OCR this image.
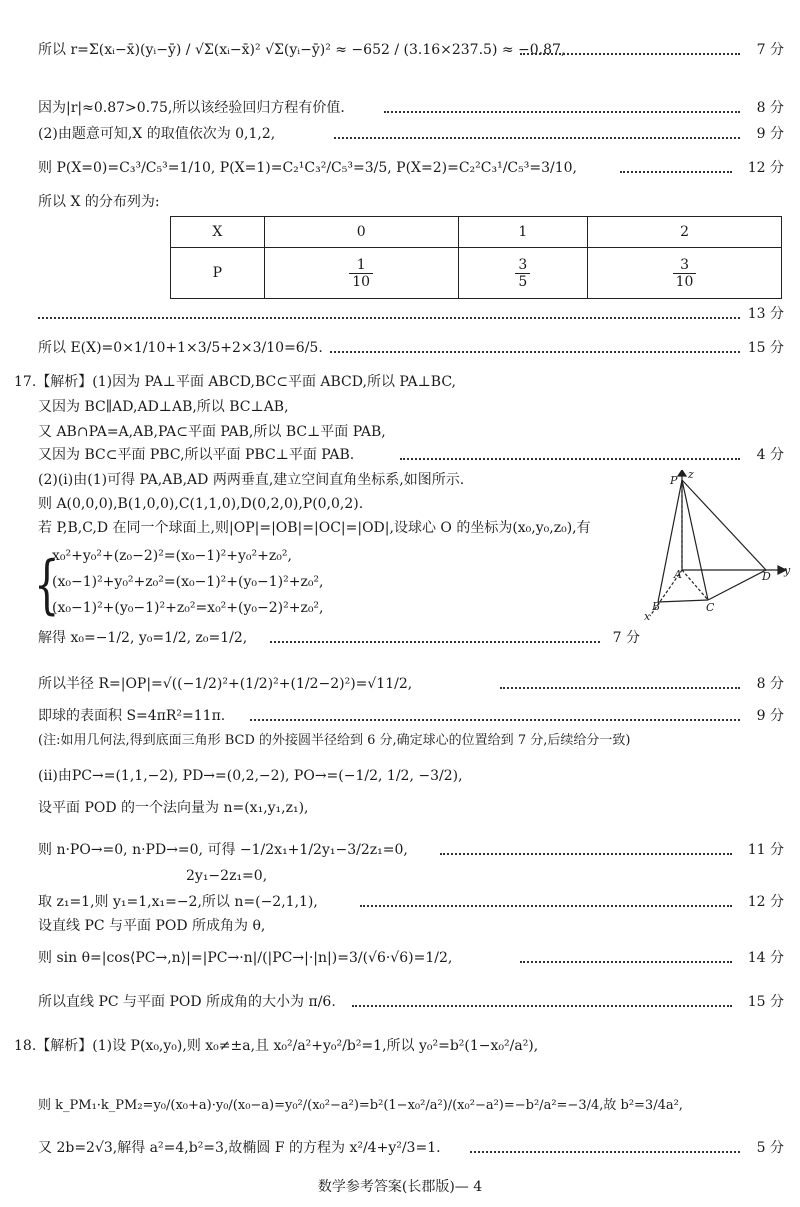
所以 r=Σ(xᵢ−x̄)(yᵢ−ȳ) / √Σ(xᵢ−x̄)² √Σ(yᵢ−ȳ)² ≈ −652 / (3.16×237.5) ≈ −0.87,	7 分
因为|r|≈0.87>0.75,所以该经验回归方程有价值.	8 分
(2)由题意可知,X 的取值依次为 0,1,2,	9 分
则 P(X=0)=C₃³/C₅³=1/10, P(X=1)=C₂¹C₃²/C₅³=3/5, P(X=2)=C₂²C₃¹/C₅³=3/10,	12 分
所以 X 的分布列为:
X	0	1	2
P	$\frac{1}{10}$	$\frac{3}{5}$	$\frac{3}{10}$
13 分
所以 E(X)=0×1/10+1×3/5+2×3/10=6/5.	15 分
17.【解析】(1)因为 PA⊥平面 ABCD,BC⊂平面 ABCD,所以 PA⊥BC,
又因为 BC∥AD,AD⊥AB,所以 BC⊥AB,
又 AB∩PA=A,AB,PA⊂平面 PAB,所以 BC⊥平面 PAB,
又因为 BC⊂平面 PBC,所以平面 PBC⊥平面 PAB.	4 分
(2)(ⅰ)由(1)可得 PA,AB,AD 两两垂直,建立空间直角坐标系,如图所示.
则 A(0,0,0),B(1,0,0),C(1,1,0),D(0,2,0),P(0,0,2).
若 P,B,C,D 在同一个球面上,则|OP|=|OB|=|OC|=|OD|,设球心 O 的坐标为(x₀,y₀,z₀),有
{
x₀²+y₀²+(z₀−2)²=(x₀−1)²+y₀²+z₀²,
(x₀−1)²+y₀²+z₀²=(x₀−1)²+(y₀−1)²+z₀²,
(x₀−1)²+(y₀−1)²+z₀²=x₀²+(y₀−2)²+z₀²,
解得 x₀=−1/2, y₀=1/2, z₀=1/2,	7 分
P z
A
B	C
D
x
y
所以半径 R=|OP|=√((−1/2)²+(1/2)²+(1/2−2)²)=√11/2,	8 分
即球的表面积 S=4πR²=11π.	9 分
(注:如用几何法,得到底面三角形 BCD 的外接圆半径给到 6 分,确定球心的位置给到 7 分,后续给分一致)
(ⅱ)由PC→=(1,1,−2), PD→=(0,2,−2), PO→=(−1/2, 1/2, −3/2),
设平面 POD 的一个法向量为 n=(x₁,y₁,z₁),
则 n·PO→=0, n·PD→=0, 可得 −1/2x₁+1/2y₁−3/2z₁=0,	11 分
2y₁−2z₁=0,
取 z₁=1,则 y₁=1,x₁=−2,所以 n=(−2,1,1),	12 分
设直线 PC 与平面 POD 所成角为 θ,
则 sin θ=|cos⟨PC→,n⟩|=|PC→·n|/(|PC→|·|n|)=3/(√6·√6)=1/2,	14 分
所以直线 PC 与平面 POD 所成角的大小为 π/6.	15 分
18.【解析】(1)设 P(x₀,y₀),则 x₀≠±a,且 x₀²/a²+y₀²/b²=1,所以 y₀²=b²(1−x₀²/a²),
则 k_PM₁·k_PM₂=y₀/(x₀+a)·y₀/(x₀−a)=y₀²/(x₀²−a²)=b²(1−x₀²/a²)/(x₀²−a²)=−b²/a²=−3/4,故 b²=3/4a²,
又 2b=2√3,解得 a²=4,b²=3,故椭圆 F 的方程为 x²/4+y²/3=1.	5 分
数学参考答案(长郡版)— 4
